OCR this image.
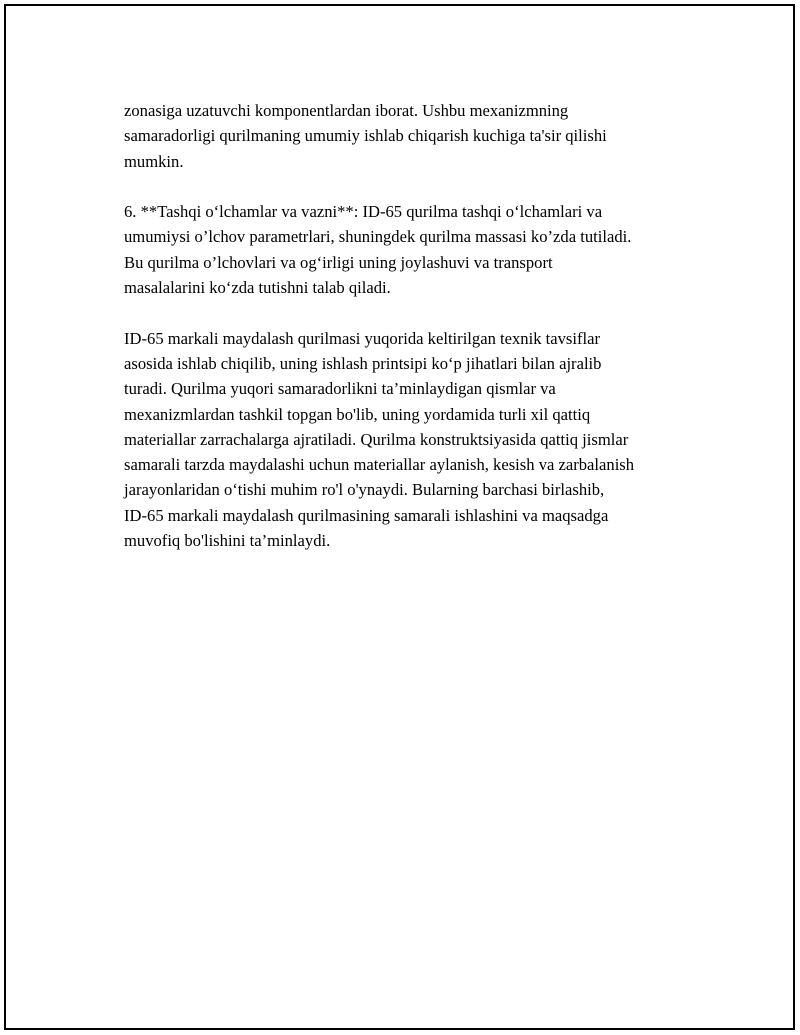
zonasiga uzatuvchi komponentlardan iborat. Ushbu mexanizmning
samaradorligi qurilmaning umumiy ishlab chiqarish kuchiga ta'sir qilishi
mumkin.

6. **Tashqi o‘lchamlar va vazni**: ID-65 qurilma tashqi o‘lchamlari va
umumiysi o’lchov parametrlari, shuningdek qurilma massasi ko’zda tutiladi.
Bu qurilma o’lchovlari va og‘irligi uning joylashuvi va transport
masalalarini ko‘zda tutishni talab qiladi.

ID-65 markali maydalash qurilmasi yuqorida keltirilgan texnik tavsiflar
asosida ishlab chiqilib, uning ishlash printsipi ko‘p jihatlari bilan ajralib
turadi. Qurilma yuqori samaradorlikni ta’minlaydigan qismlar va
mexanizmlardan tashkil topgan bo'lib, uning yordamida turli xil qattiq
materiallar zarrachalarga ajratiladi. Qurilma konstruktsiyasida qattiq jismlar
samarali tarzda maydalashi uchun materiallar aylanish, kesish va zarbalanish
jarayonlaridan o‘tishi muhim ro'l o'ynaydi. Bularning barchasi birlashib,
ID-65 markali maydalash qurilmasining samarali ishlashini va maqsadga
muvofiq bo'lishini ta’minlaydi.
